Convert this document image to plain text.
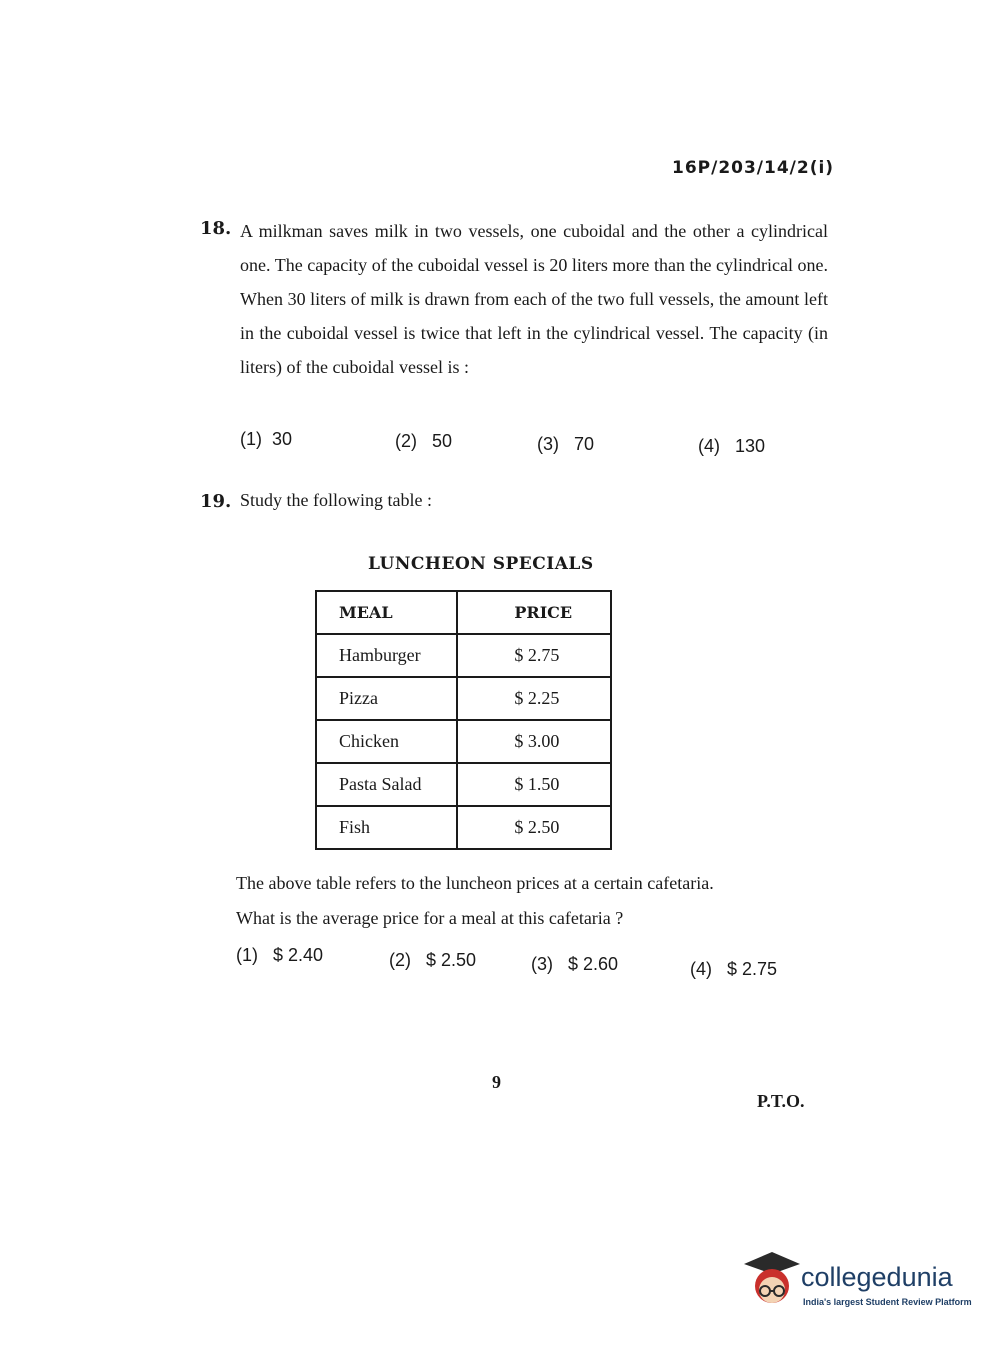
16P/203/14/2(i)
18. A milkman saves milk in two vessels, one cuboidal and the other a cylindrical one. The capacity of the cuboidal vessel is 20 liters more than the cylindrical one. When 30 liters of milk is drawn from each of the two full vessels, the amount left in the cuboidal vessel is twice that left in the cylindrical vessel. The capacity (in liters) of the cuboidal vessel is :
(1) 30	(2) 50	(3) 70	(4) 130
19. Study the following table :
LUNCHEON SPECIALS
MEAL	PRICE
Hamburger	$ 2.75
Pizza	$ 2.25
Chicken	$ 3.00
Pasta Salad	$ 1.50
Fish	$ 2.50
The above table refers to the luncheon prices at a certain cafetaria.
What is the average price for a meal at this cafetaria ?
(1) $ 2.40	(2) $ 2.50	(3) $ 2.60	(4) $ 2.75
9
P.T.O.
collegedunia
India's largest Student Review Platform
